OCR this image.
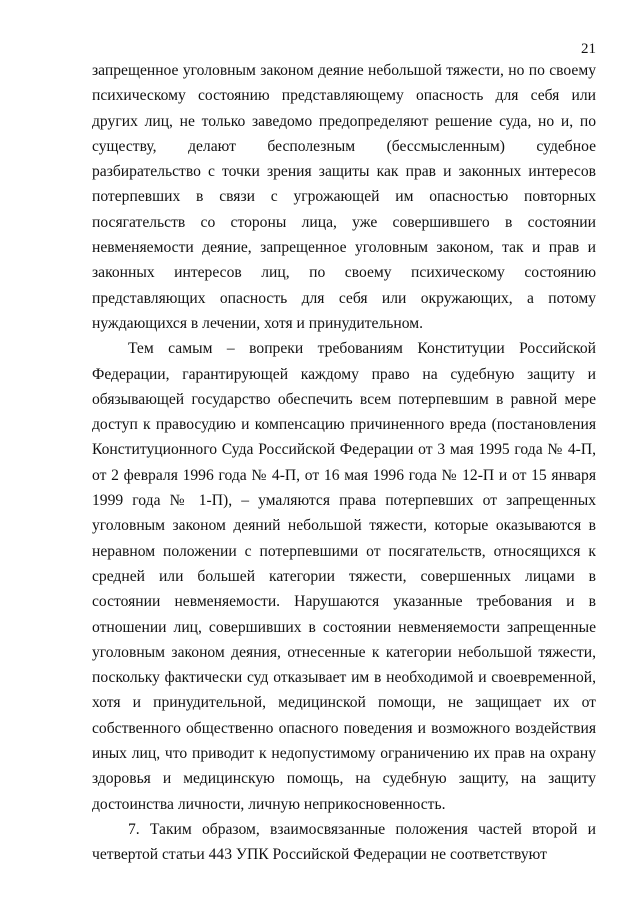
21

запрещенное уголовным законом деяние небольшой тяжести, но по своему психическому состоянию представляющему опасность для себя или других лиц, не только заведомо предопределяют решение суда, но и, по существу, делают бесполезным (бессмысленным) судебное разбирательство с точки зрения защиты как прав и законных интересов потерпевших в связи с угрожающей им опасностью повторных посягательств со стороны лица, уже совершившего в состоянии невменяемости деяние, запрещенное уголовным законом, так и прав и законных интересов лиц, по своему психическому состоянию представляющих опасность для себя или окружающих, а потому нуждающихся в лечении, хотя и принудительном.

Тем самым – вопреки требованиям Конституции Российской Федерации, гарантирующей каждому право на судебную защиту и обязывающей государство обеспечить всем потерпевшим в равной мере доступ к правосудию и компенсацию причиненного вреда (постановления Конституционного Суда Российской Федерации от 3 мая 1995 года № 4-П, от 2 февраля 1996 года № 4-П, от 16 мая 1996 года № 12-П и от 15 января 1999 года № 1-П), – умаляются права потерпевших от запрещенных уголовным законом деяний небольшой тяжести, которые оказываются в неравном положении с потерпевшими от посягательств, относящихся к средней или большей категории тяжести, совершенных лицами в состоянии невменяемости. Нарушаются указанные требования и в отношении лиц, совершивших в состоянии невменяемости запрещенные уголовным законом деяния, отнесенные к категории небольшой тяжести, поскольку фактически суд отказывает им в необходимой и своевременной, хотя и принудительной, медицинской помощи, не защищает их от собственного общественно опасного поведения и возможного воздействия иных лиц, что приводит к недопустимому ограничению их прав на охрану здоровья и медицинскую помощь, на судебную защиту, на защиту достоинства личности, личную неприкосновенность.

7. Таким образом, взаимосвязанные положения частей второй и четвертой статьи 443 УПК Российской Федерации не соответствуют
